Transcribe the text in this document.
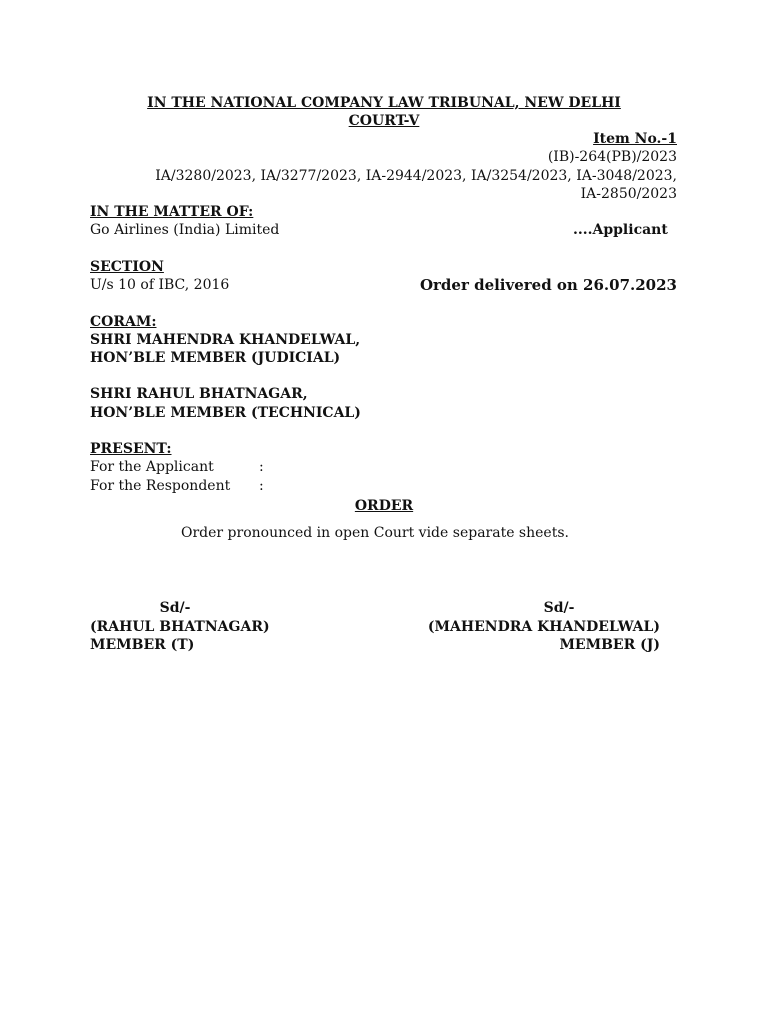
IN THE NATIONAL COMPANY LAW TRIBUNAL, NEW DELHI
COURT-V
Item No.-1
(IB)-264(PB)/2023
IA/3280/2023, IA/3277/2023, IA-2944/2023, IA/3254/2023, IA-3048/2023,
IA-2850/2023
IN THE MATTER OF:
Go Airlines (India) Limited	....Applicant
SECTION
U/s 10 of IBC, 2016	Order delivered on 26.07.2023
CORAM:
SHRI MAHENDRA KHANDELWAL,
HON’BLE MEMBER (JUDICIAL)
SHRI RAHUL BHATNAGAR,
HON’BLE MEMBER (TECHNICAL)
PRESENT:
For the Applicant	:
For the Respondent :
ORDER
Order pronounced in open Court vide separate sheets.
Sd/-
(RAHUL BHATNAGAR)
MEMBER (T)
Sd/-
(MAHENDRA KHANDELWAL)
MEMBER (J)
